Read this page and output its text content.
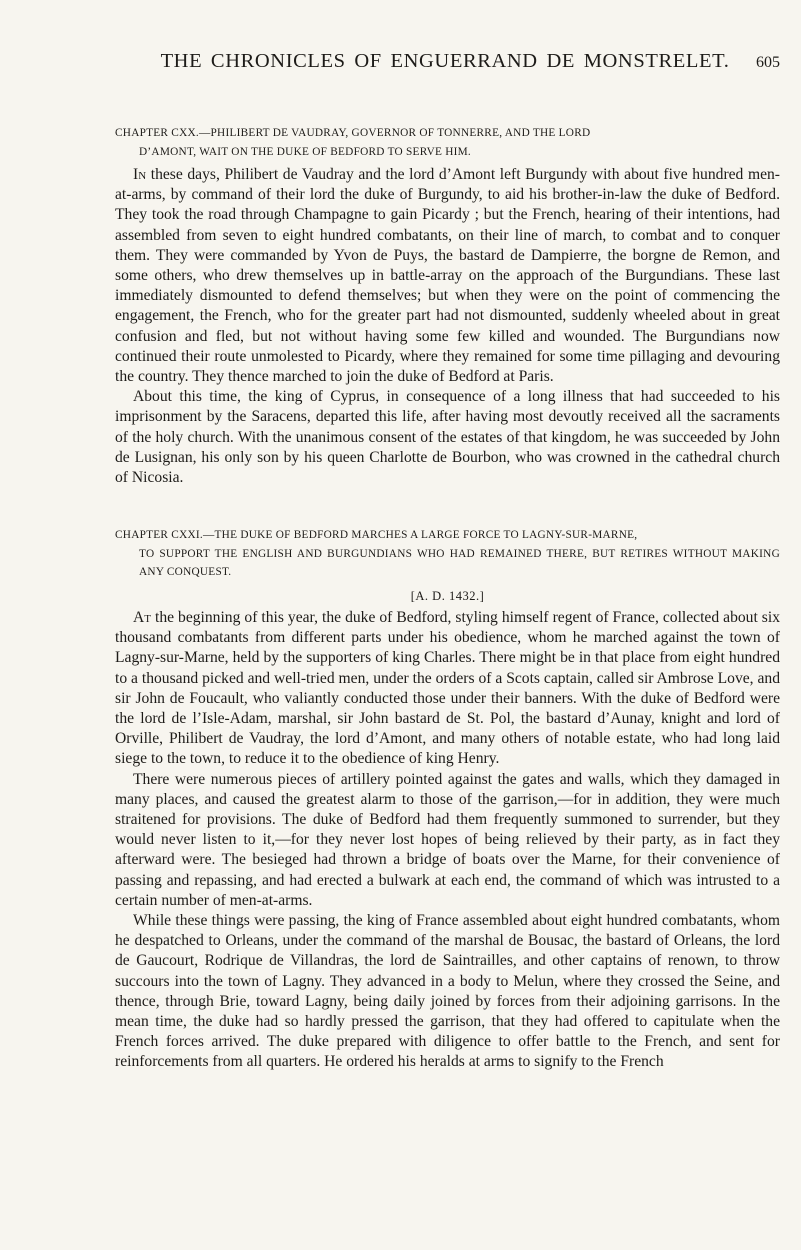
THE CHRONICLES OF ENGUERRAND DE MONSTRELET.	605
CHAPTER CXX.—PHILIBERT DE VAUDRAY, GOVERNOR OF TONNERRE, AND THE LORD
D’AMONT, WAIT ON THE DUKE OF BEDFORD TO SERVE HIM.

In these days, Philibert de Vaudray and the lord d’Amont left Burgundy with about five hundred men-at-arms, by command of their lord the duke of Burgundy, to aid his brother-in-law the duke of Bedford. They took the road through Champagne to gain Picardy ; but the French, hearing of their intentions, had assembled from seven to eight hundred combatants, on their line of march, to combat and to conquer them. They were commanded by Yvon de Puys, the bastard de Dampierre, the borgne de Remon, and some others, who drew themselves up in battle-array on the approach of the Burgundians. These last immediately dismounted to defend themselves; but when they were on the point of commencing the engagement, the French, who for the greater part had not dismounted, suddenly wheeled about in great confusion and fled, but not without having some few killed and wounded. The Burgundians now continued their route unmolested to Picardy, where they remained for some time pillaging and devouring the country. They thence marched to join the duke of Bedford at Paris.

About this time, the king of Cyprus, in consequence of a long illness that had succeeded to his imprisonment by the Saracens, departed this life, after having most devoutly received all the sacraments of the holy church. With the unanimous consent of the estates of that kingdom, he was succeeded by John de Lusignan, his only son by his queen Charlotte de Bourbon, who was crowned in the cathedral church of Nicosia.

CHAPTER CXXI.—THE DUKE OF BEDFORD MARCHES A LARGE FORCE TO LAGNY-SUR-MARNE,
TO SUPPORT THE ENGLISH AND BURGUNDIANS WHO HAD REMAINED THERE, BUT RETIRES WITHOUT MAKING ANY CONQUEST.
[A. D. 1432.]

At the beginning of this year, the duke of Bedford, styling himself regent of France, collected about six thousand combatants from different parts under his obedience, whom he marched against the town of Lagny-sur-Marne, held by the supporters of king Charles. There might be in that place from eight hundred to a thousand picked and well-tried men, under the orders of a Scots captain, called sir Ambrose Love, and sir John de Foucault, who valiantly conducted those under their banners. With the duke of Bedford were the lord de l’Isle-Adam, marshal, sir John bastard de St. Pol, the bastard d’Aunay, knight and lord of Orville, Philibert de Vaudray, the lord d’Amont, and many others of notable estate, who had long laid siege to the town, to reduce it to the obedience of king Henry.

There were numerous pieces of artillery pointed against the gates and walls, which they damaged in many places, and caused the greatest alarm to those of the garrison,—for in addition, they were much straitened for provisions. The duke of Bedford had them frequently summoned to surrender, but they would never listen to it,—for they never lost hopes of being relieved by their party, as in fact they afterward were. The besieged had thrown a bridge of boats over the Marne, for their convenience of passing and repassing, and had erected a bulwark at each end, the command of which was intrusted to a certain number of men-at-arms.

While these things were passing, the king of France assembled about eight hundred combatants, whom he despatched to Orleans, under the command of the marshal de Bousac, the bastard of Orleans, the lord de Gaucourt, Rodrique de Villandras, the lord de Saintrailles, and other captains of renown, to throw succours into the town of Lagny. They advanced in a body to Melun, where they crossed the Seine, and thence, through Brie, toward Lagny, being daily joined by forces from their adjoining garrisons. In the mean time, the duke had so hardly pressed the garrison, that they had offered to capitulate when the French forces arrived. The duke prepared with diligence to offer battle to the French, and sent for reinforcements from all quarters. He ordered his heralds at arms to signify to the French
